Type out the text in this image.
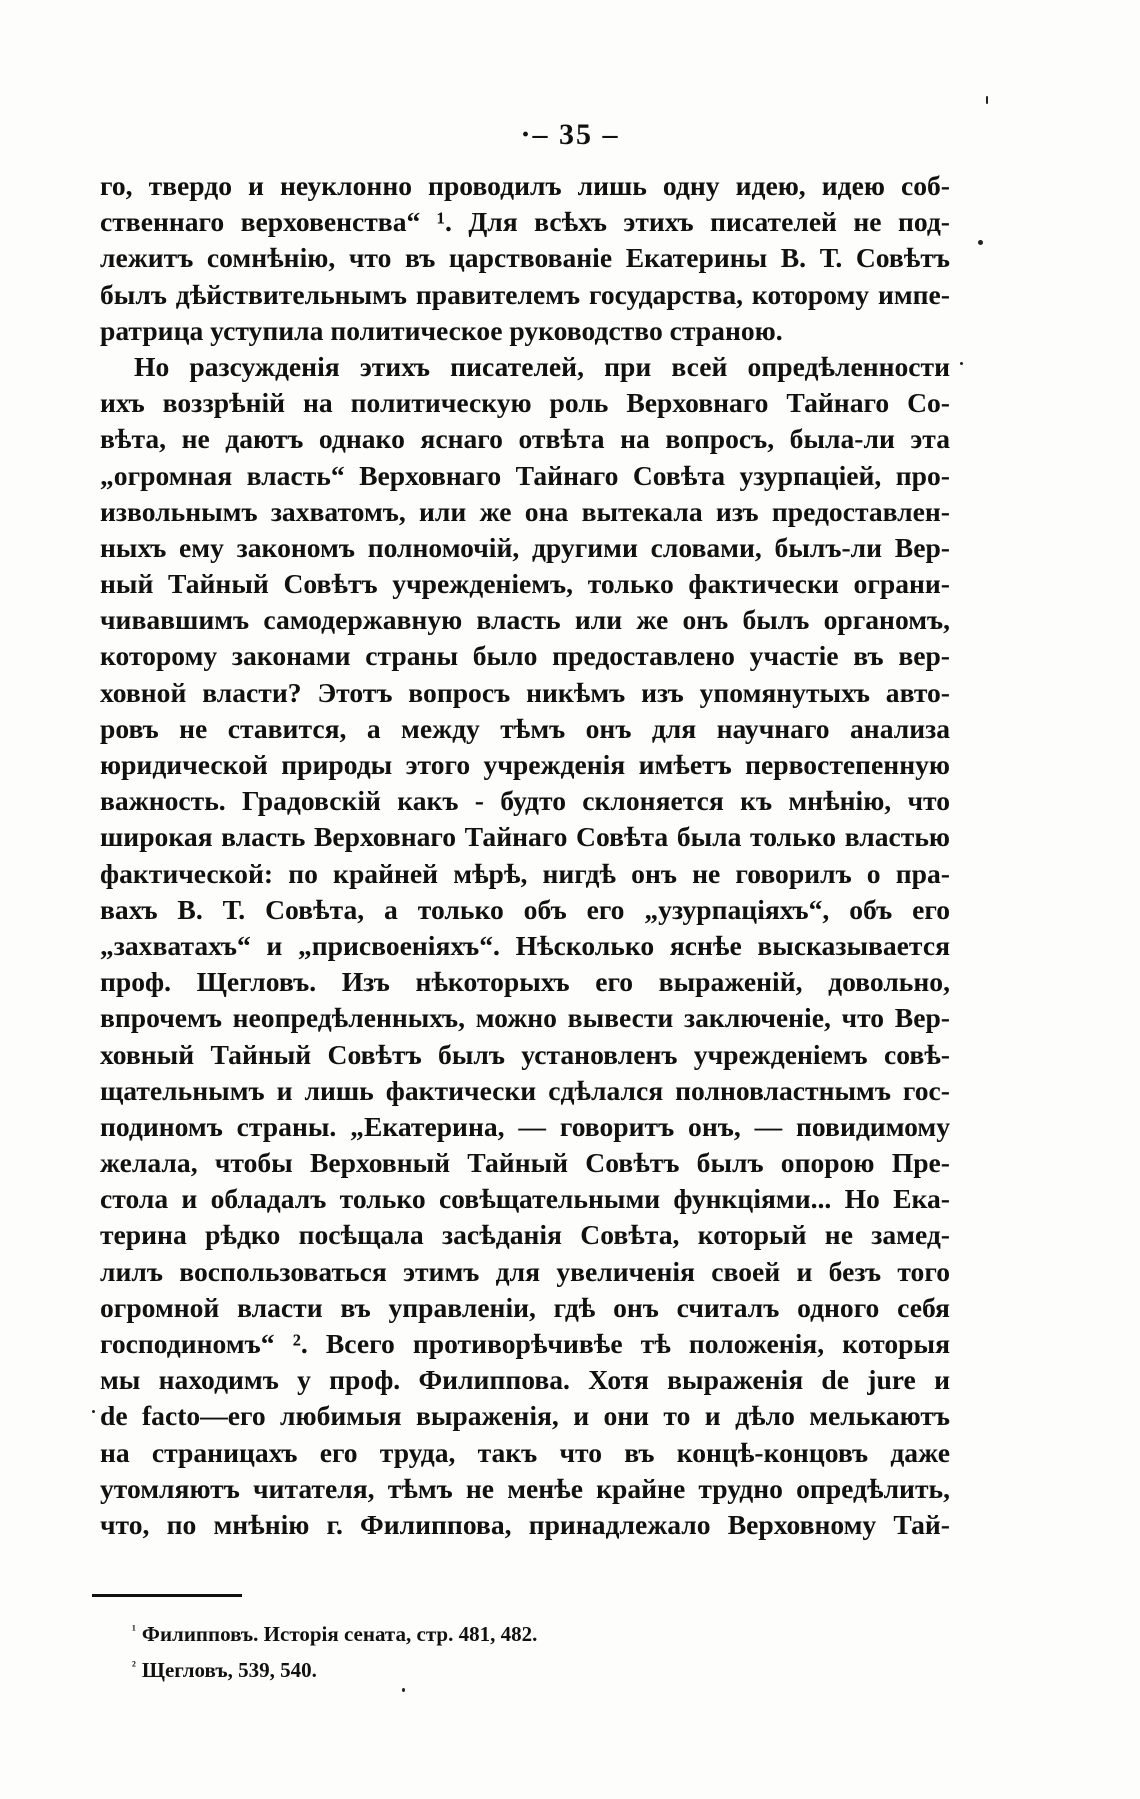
·– 35 –
го, твердо и неуклонно проводилъ лишь одну идею, идею соб-
ственнаго верховенства“ ¹. Для всѣхъ этихъ писателей не под-
лежитъ сомнѣнію, что въ царствованіе Екатерины В. Т. Совѣтъ
былъ дѣйствительнымъ правителемъ государства, которому импе-
ратрица уступила политическое руководство страною.
Но разсужденія этихъ писателей, при всей опредѣленности
ихъ воззрѣній на политическую роль Верховнаго Тайнаго Со-
вѣта, не даютъ однако яснаго отвѣта на вопросъ, была-ли эта
„огромная власть“ Верховнаго Тайнаго Совѣта узурпаціей, про-
извольнымъ захватомъ, или же она вытекала изъ предоставлен-
ныхъ ему закономъ полномочій, другими словами, былъ-ли Вер-
ный Тайный Совѣтъ учрежденіемъ, только фактически ограни-
чивавшимъ самодержавную власть или же онъ былъ органомъ,
которому законами страны было предоставлено участіе въ вер-
ховной власти? Этотъ вопросъ никѣмъ изъ упомянутыхъ авто-
ровъ не ставится, а между тѣмъ онъ для научнаго анализа
юридической природы этого учрежденія имѣетъ первостепенную
важность. Градовскій какъ - будто склоняется къ мнѣнію, что
широкая власть Верховнаго Тайнаго Совѣта была только властью
фактической: по крайней мѣрѣ, нигдѣ онъ не говорилъ о пра-
вахъ В. Т. Совѣта, а только объ его „узурпаціяхъ“, объ его
„захватахъ“ и „присвоеніяхъ“. Нѣсколько яснѣе высказывается
проф. Щегловъ. Изъ нѣкоторыхъ его выраженій, довольно,
впрочемъ неопредѣленныхъ, можно вывести заключеніе, что Вер-
ховный Тайный Совѣтъ былъ установленъ учрежденіемъ совѣ-
щательнымъ и лишь фактически сдѣлался полновластнымъ гос-
подиномъ страны. „Екатерина, — говоритъ онъ, — повидимому
желала, чтобы Верховный Тайный Совѣтъ былъ опорою Пре-
стола и обладалъ только совѣщательными функціями... Но Ека-
терина рѣдко посѣщала засѣданія Совѣта, который не замед-
лилъ воспользоваться этимъ для увеличенія своей и безъ того
огромной власти въ управленіи, гдѣ онъ считалъ одного себя
господиномъ“ ². Всего противорѣчивѣе тѣ положенія, которыя
мы находимъ у проф. Филиппова. Хотя выраженія de jure и
de facto—его любимыя выраженія, и они то и дѣло мелькаютъ
на страницахъ его труда, такъ что въ концѣ-концовъ даже
утомляютъ читателя, тѣмъ не менѣе крайне трудно опредѣлить,
что, по мнѣнію г. Филиппова, принадлежало Верховному Тай-
$^{^1}$ Филипповъ. Исторія сената, стр. 481, 482.
$^{^2}$ Щегловъ, 539, 540.
